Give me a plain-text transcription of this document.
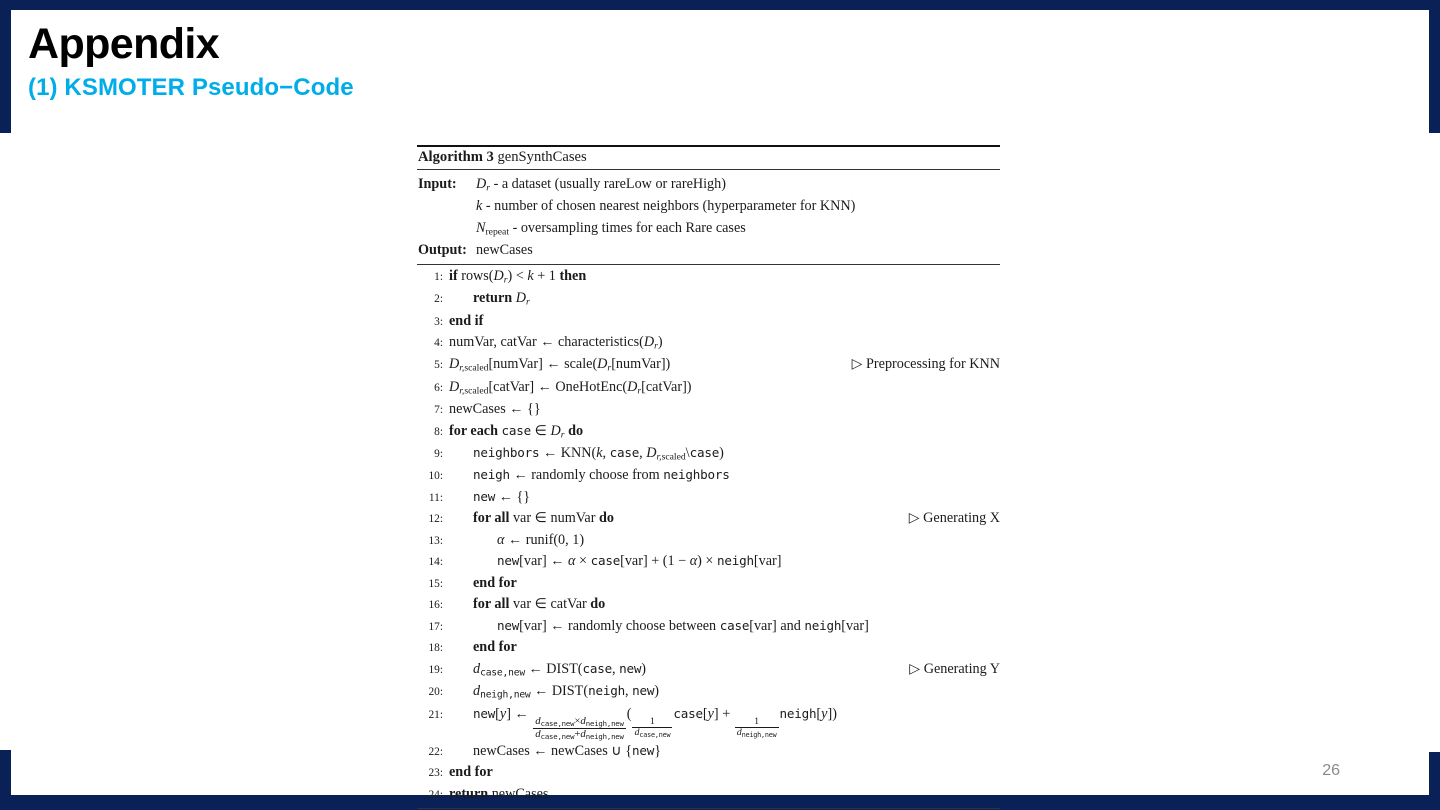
Appendix
(1) KSMOTER Pseudo−Code
Algorithm 3 genSynthCases
Input:	Dr - a dataset (usually rareLow or rareHigh)
k - number of chosen nearest neighbors (hyperparameter for KNN)
$N_{repeat}$ - oversampling times for each Rare cases
Output: newCases
1: if rows(Dr) < k + 1 then
2:	return Dr
3: end if
4: numVar, catVar ← characteristics(Dr)
5: $Dr,_{scaled}[numVar]$ ← scale(Dr[numVar])	▷ Preprocessing for KNN
6: $Dr,_{scaled}[catVar]$ ← OneHotEnc(Dr[catVar])
7: newCases ← {}
8: for each case ∈ Dr do
9:	neighbors ← KNN(k, case, $Dr,_{scaled}\backslash case$)
10:	neigh ← randomly choose from neighbors
11:	new ← {}
12:	for all var ∈ numVar do	▷ Generating X
13:	α ← runif(0, 1)
14:	new[var] ← α × case[var] + (1 − α) × neigh[var]
15:	end for
16:	for all var ∈ catVar do
17:	new[var] ← randomly choose between case[var] and neigh[var]
18:	end for
19:	$d_{case,new}$ ← DIST(case, new)	▷ Generating Y
20:	$d_{neigh,new}$ ← DIST(neigh, new)
21:	new[y] ←
$\frac{d_{case,new}\times d_{neigh,new}}{d_{case,new}+d_{neigh,new}}$
(
$\frac{1}{d_{case,new}}$
case[y] +
$\frac{1}{d_{neigh,new}}$
neigh[y])
22:	newCases ← newCases ∪ {new}
23: end for
24: return newCases
26
